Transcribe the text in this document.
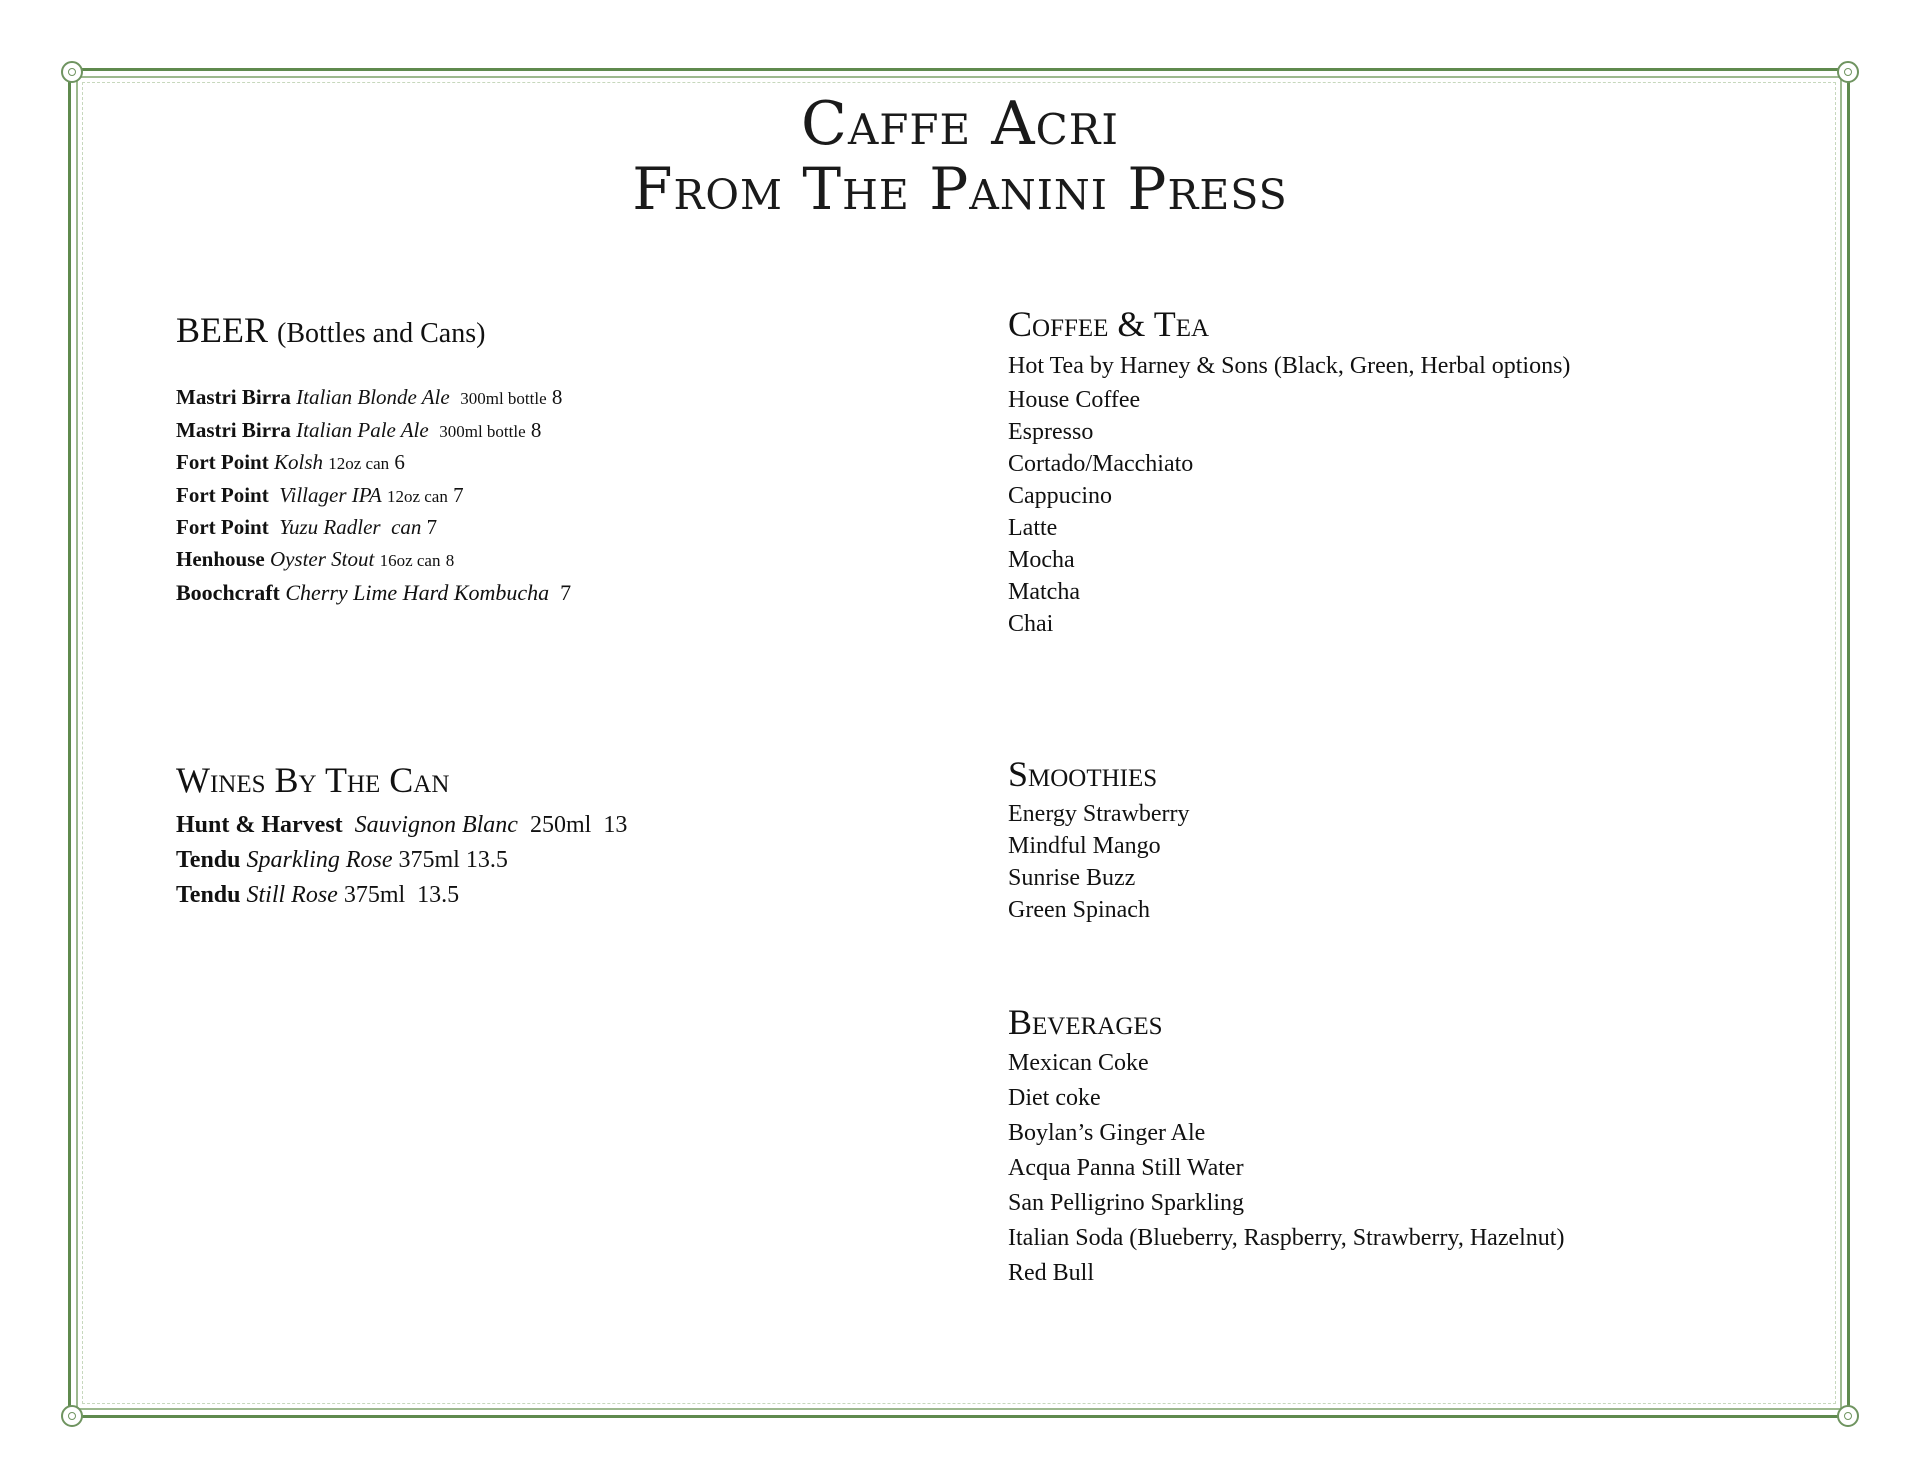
Caffe Acri
From The Panini Press
BEER (Bottles and Cans)
Mastri Birra Italian Blonde Ale 300ml bottle 8
Mastri Birra Italian Pale Ale 300ml bottle 8
Fort Point Kolsh 12oz can 6
Fort Point Villager IPA 12oz can 7
Fort Point Yuzu Radler can 7
Henhouse Oyster Stout 16oz can 8
Boochcraft Cherry Lime Hard Kombucha 7
Wines By The Can
Hunt & Harvest Sauvignon Blanc 250ml 13
Tendu Sparkling Rose 375ml 13.5
Tendu Still Rose 375ml 13.5
Coffee & Tea
Hot Tea by Harney & Sons (Black, Green, Herbal options)
House Coffee
Espresso
Cortado/Macchiato
Cappucino
Latte
Mocha
Matcha
Chai
Smoothies
Energy Strawberry
Mindful Mango
Sunrise Buzz
Green Spinach
Beverages
Mexican Coke
Diet coke
Boylan’s Ginger Ale
Acqua Panna Still Water
San Pelligrino Sparkling
Italian Soda (Blueberry, Raspberry, Strawberry, Hazelnut)
Red Bull
